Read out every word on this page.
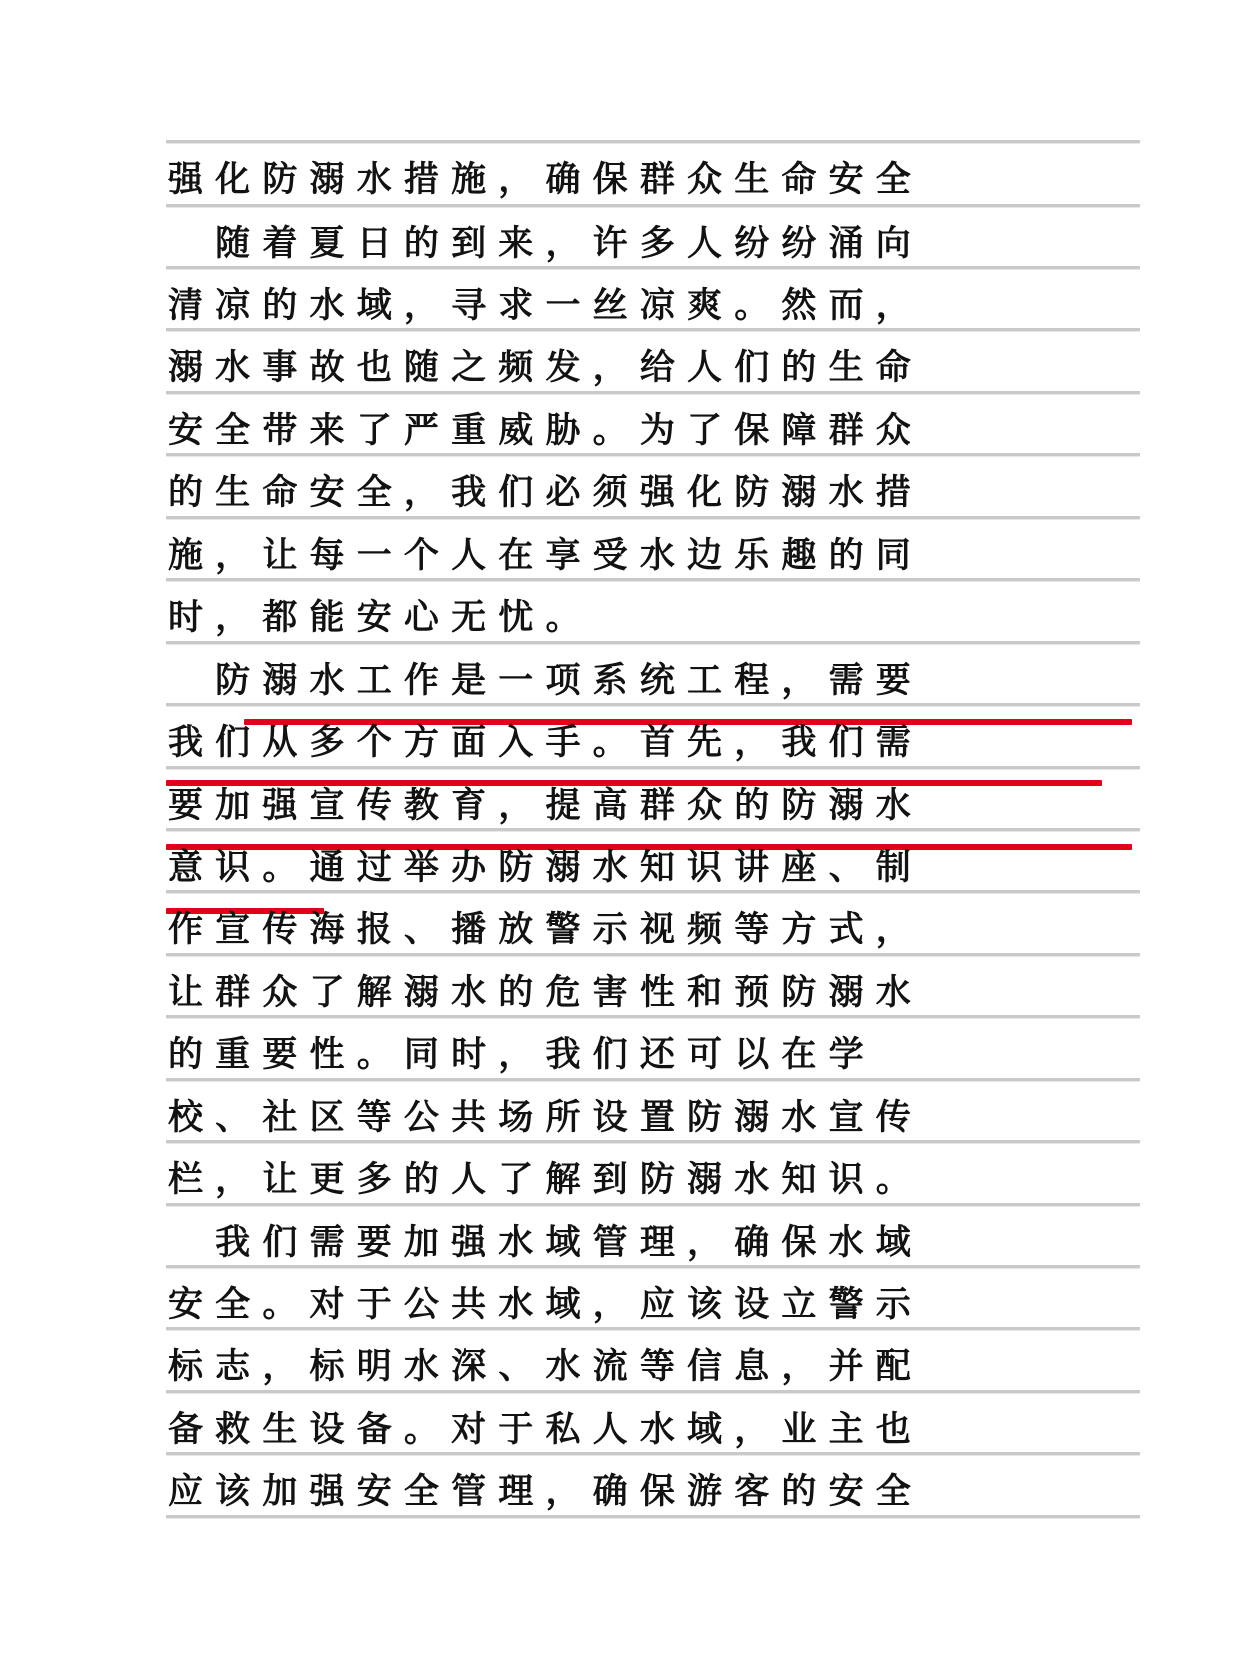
强 化 防 溺 水 措 施 ， 确 保 群 众 生 命 安 全
　 随 着 夏 日 的 到 来 ， 许 多 人 纷 纷 涌 向
清 凉 的 水 域 ， 寻 求 一 丝 凉 爽 。 然 而 ，
溺 水 事 故 也 随 之 频 发 ， 给 人 们 的 生 命
安 全 带 来 了 严 重 威 胁 。 为 了 保 障 群 众
的 生 命 安 全 ， 我 们 必 须 强 化 防 溺 水 措
施 ， 让 每 一 个 人 在 享 受 水 边 乐 趣 的 同
时 ， 都 能 安 心 无 忧 。
　 防 溺 水 工 作 是 一 项 系 统 工 程 ， 需 要
我 们 从 多 个 方 面 入 手 。 首 先 ， 我 们 需
要 加 强 宣 传 教 育 ， 提 高 群 众 的 防 溺 水
意 识 。 通 过 举 办 防 溺 水 知 识 讲 座 、 制
作 宣 传 海 报 、 播 放 警 示 视 频 等 方 式 ，
让 群 众 了 解 溺 水 的 危 害 性 和 预 防 溺 水
的 重 要 性 。 同 时 ， 我 们 还 可 以 在 学
校 、 社 区 等 公 共 场 所 设 置 防 溺 水 宣 传
栏 ， 让 更 多 的 人 了 解 到 防 溺 水 知 识 。
　 我 们 需 要 加 强 水 域 管 理 ， 确 保 水 域
安 全 。 对 于 公 共 水 域 ， 应 该 设 立 警 示
标 志 ， 标 明 水 深 、 水 流 等 信 息 ， 并 配
备 救 生 设 备 。 对 于 私 人 水 域 ， 业 主 也
应 该 加 强 安 全 管 理 ， 确 保 游 客 的 安 全
